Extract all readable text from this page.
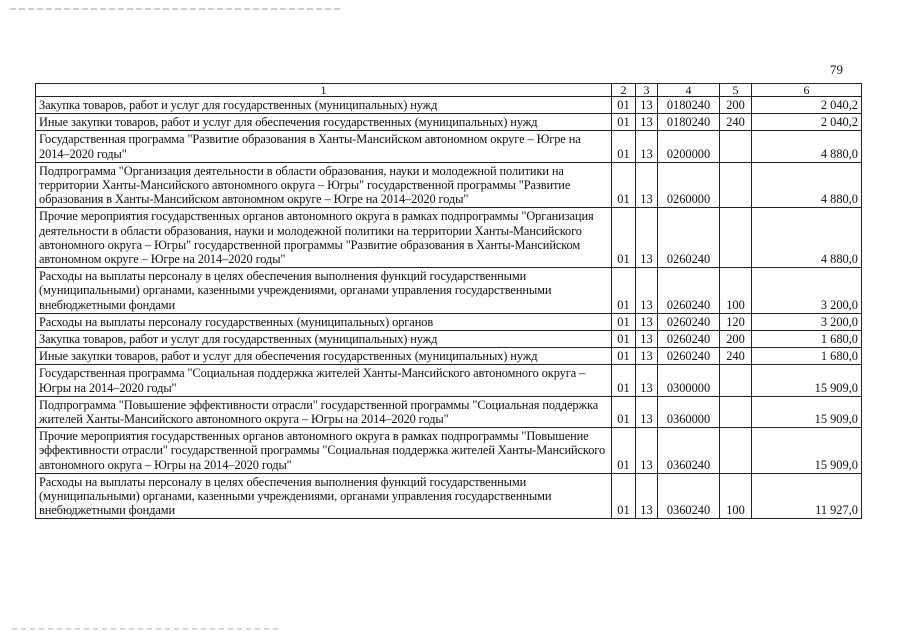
79
1	2	3	4	5	6
Закупка товаров, работ и услуг для государственных (муниципальных) нужд	01	13	0180240	200	2 040,2
Иные закупки товаров, работ и услуг для обеспечения государственных (муниципальных) нужд	01	13	0180240	240	2 040,2
Государственная программа "Развитие образования в Ханты-Мансийском автономном округе – Югре на 2014–2020 годы"	01	13	0200000		4 880,0
Подпрограмма "Организация деятельности в области образования, науки и молодежной политики на территории Ханты-Мансийского автономного округа – Югры" государственной программы "Развитие образования в Ханты-Мансийском автономном округе – Югре на 2014–2020 годы"	01	13	0260000		4 880,0
Прочие мероприятия государственных органов автономного округа в рамках подпрограммы "Организация деятельности в области образования, науки и молодежной политики на территории Ханты-Мансийского автономного округа – Югры" государственной программы "Развитие образования в Ханты-Мансийском автономном округе – Югре на 2014–2020 годы"	01	13	0260240		4 880,0
Расходы на выплаты персоналу в целях обеспечения выполнения функций государственными (муниципальными) органами, казенными учреждениями, органами управления государственными внебюджетными фондами	01	13	0260240	100	3 200,0
Расходы на выплаты персоналу государственных (муниципальных) органов	01	13	0260240	120	3 200,0
Закупка товаров, работ и услуг для государственных (муниципальных) нужд	01	13	0260240	200	1 680,0
Иные закупки товаров, работ и услуг для обеспечения государственных (муниципальных) нужд	01	13	0260240	240	1 680,0
Государственная программа "Социальная поддержка жителей Ханты-Мансийского автономного округа – Югры на 2014–2020 годы"	01	13	0300000		15 909,0
Подпрограмма "Повышение эффективности отрасли" государственной программы "Социальная поддержка жителей Ханты-Мансийского автономного округа – Югры на 2014–2020 годы"	01	13	0360000		15 909,0
Прочие мероприятия государственных органов автономного округа в рамках подпрограммы "Повышение эффективности отрасли" государственной программы "Социальная поддержка жителей Ханты-Мансийского автономного округа – Югры на 2014–2020 годы"	01	13	0360240		15 909,0
Расходы на выплаты персоналу в целях обеспечения выполнения функций государственными (муниципальными) органами, казенными учреждениями, органами управления государственными внебюджетными фондами	01	13	0360240	100	11 927,0
